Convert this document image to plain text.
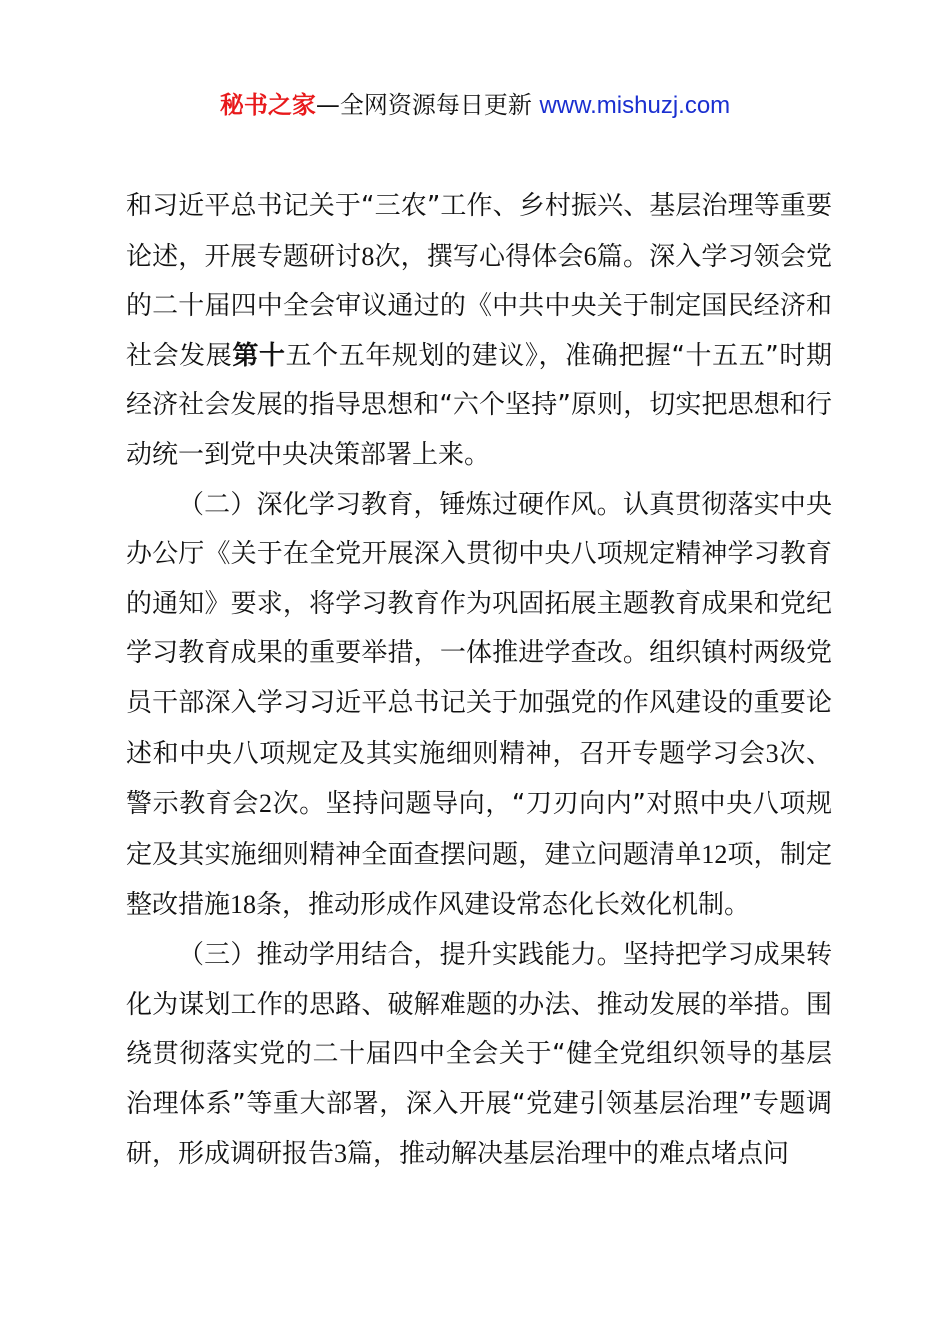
秘书之家—全网资源每日更新 www.mishuzj.com

和习近平总书记关于“三农”工作、乡村振兴、基层治理等重要论述，开展专题研讨8次，撰写心得体会6篇。深入学习领会党的二十届四中全会审议通过的《中共中央关于制定国民经济和社会发展第十五个五年规划的建议》，准确把握“十五五”时期经济社会发展的指导思想和“六个坚持”原则，切实把思想和行动统一到党中央决策部署上来。

（二）深化学习教育，锤炼过硬作风。认真贯彻落实中央办公厅《关于在全党开展深入贯彻中央八项规定精神学习教育的通知》要求，将学习教育作为巩固拓展主题教育成果和党纪学习教育成果的重要举措，一体推进学查改。组织镇村两级党员干部深入学习习近平总书记关于加强党的作风建设的重要论述和中央八项规定及其实施细则精神，召开专题学习会3次、警示教育会2次。坚持问题导向，“刀刃向内”对照中央八项规定及其实施细则精神全面查摆问题，建立问题清单12项，制定整改措施18条，推动形成作风建设常态化长效化机制。

（三）推动学用结合，提升实践能力。坚持把学习成果转化为谋划工作的思路、破解难题的办法、推动发展的举措。围绕贯彻落实党的二十届四中全会关于“健全党组织领导的基层治理体系”等重大部署，深入开展“党建引领基层治理”专题调研，形成调研报告3篇，推动解决基层治理中的难点堵点问
